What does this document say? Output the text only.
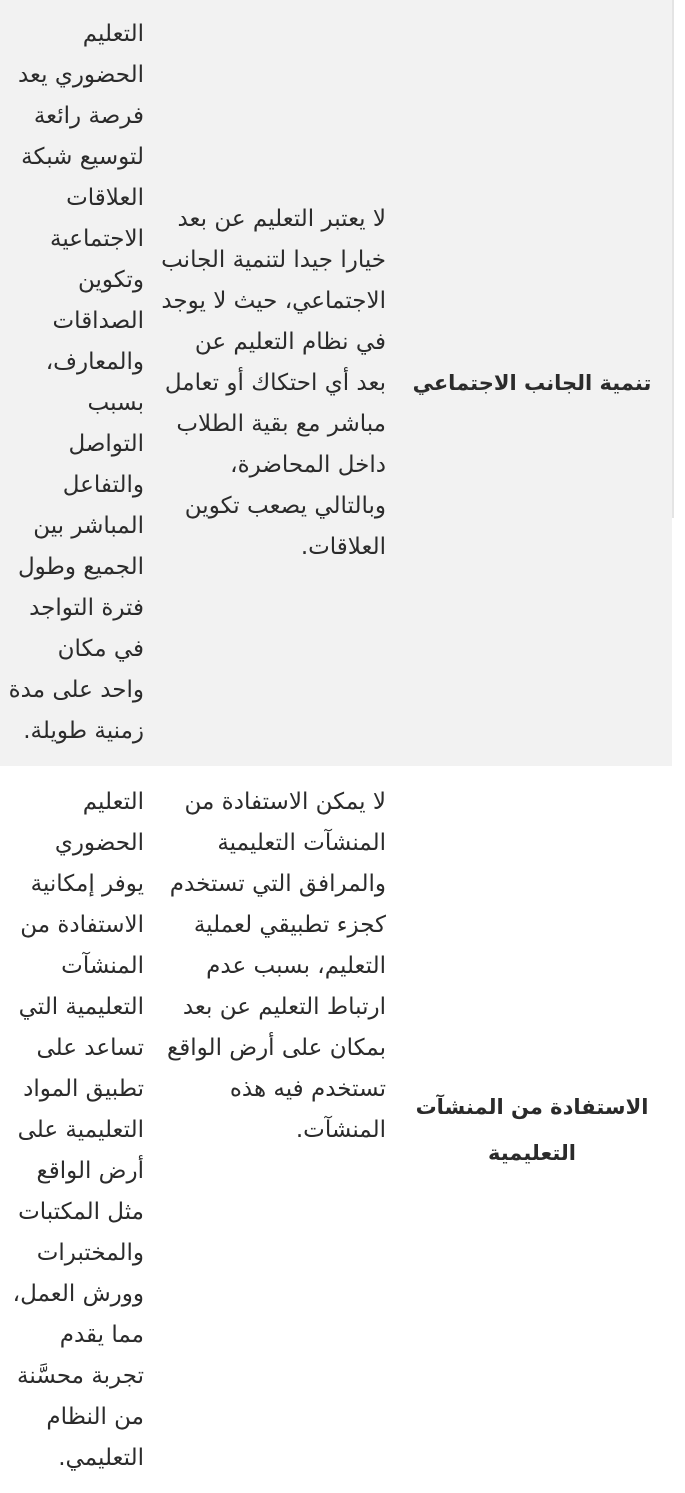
تنمية الجانب الاجتماعي	لا يعتبر التعليم عن بعد خيارا جيدا لتنمية الجانب الاجتماعي، حيث لا يوجد في نظام التعليم عن بعد أي احتكاك أو تعامل مباشر مع بقية الطلاب داخل المحاضرة، وبالتالي يصعب تكوين العلاقات.	التعليم الحضوري يعد فرصة رائعة لتوسيع شبكة العلاقات الاجتماعية وتكوين الصداقات والمعارف، بسبب التواصل والتفاعل المباشر بين الجميع وطول فترة التواجد في مكان واحد على مدة زمنية طويلة.

الاستفادة من المنشآت التعليمية	لا يمكن الاستفادة من المنشآت التعليمية والمرافق التي تستخدم كجزء تطبيقي لعملية التعليم، بسبب عدم ارتباط التعليم عن بعد بمكان على أرض الواقع تستخدم فيه هذه المنشآت.	التعليم الحضوري يوفر إمكانية الاستفادة من المنشآت التعليمية التي تساعد على تطبيق المواد التعليمية على أرض الواقع مثل المكتبات والمختبرات وورش العمل، مما يقدم تجربة محسَّنة من النظام التعليمي.
